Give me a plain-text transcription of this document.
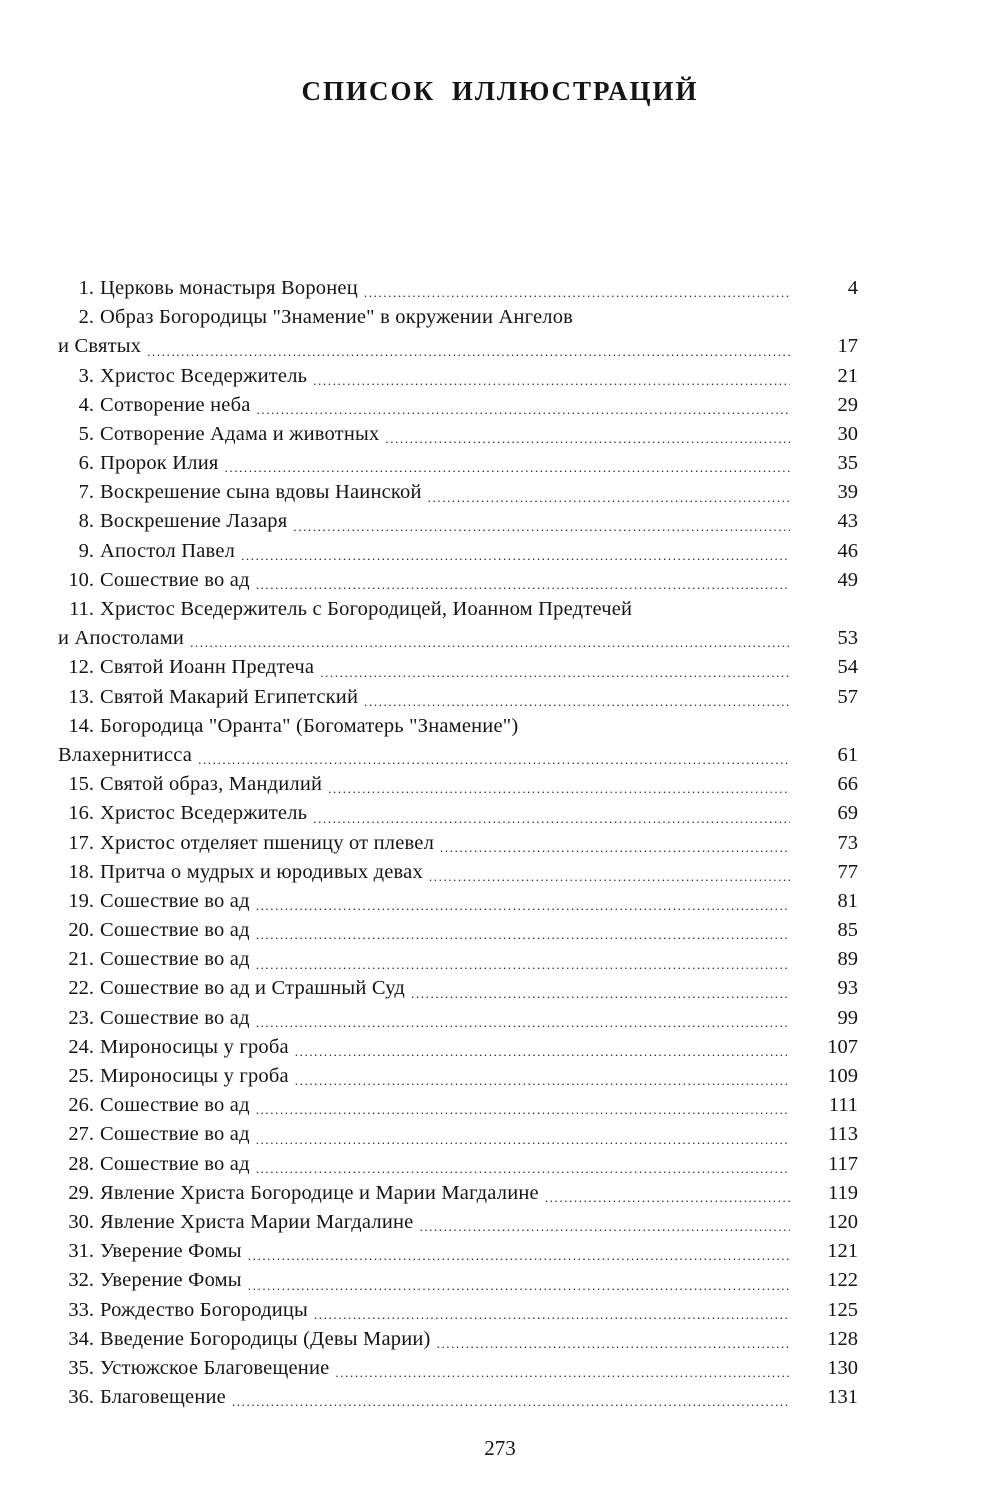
СПИСОК ИЛЛЮСТРАЦИЙ
1. Церковь монастыря Воронец .....	4
2. Образ Богородицы "Знамение" в окружении Ангелов
и Святых .....	17
3. Христос Вседержитель .....	21
4. Сотворение неба .....	29
5. Сотворение Адама и животных .....	30
6. Пророк Илия .....	35
7. Воскрешение сына вдовы Наинской .....	39
8. Воскрешение Лазаря .....	43
9. Апостол Павел .....	46
10. Сошествие во ад .....	49
11. Христос Вседержитель с Богородицей, Иоанном Предтечей
и Апостолами .....	53
12. Святой Иоанн Предтеча .....	54
13. Святой Макарий Египетский .....	57
14. Богородица "Оранта" (Богоматерь "Знамение")
Влахернитисса .....	61
15. Святой образ, Мандилий .....	66
16. Христос Вседержитель .....	69
17. Христос отделяет пшеницу от плевел .....	73
18. Притча о мудрых и юродивых девах .....	77
19. Сошествие во ад .....	81
20. Сошествие во ад .....	85
21. Сошествие во ад .....	89
22. Сошествие во ад и Страшный Суд .....	93
23. Сошествие во ад .....	99
24. Мироносицы у гроба .....	107
25. Мироносицы у гроба .....	109
26. Сошествие во ад .....	111
27. Сошествие во ад .....	113
28. Сошествие во ад .....	117
29. Явление Христа Богородице и Марии Магдалине .....	119
30. Явление Христа Марии Магдалине .....	120
31. Уверение Фомы .....	121
32. Уверение Фомы .....	122
33. Рождество Богородицы .....	125
34. Введение Богородицы (Девы Марии) .....	128
35. Устюжское Благовещение .....	130
36. Благовещение .....	131
273
